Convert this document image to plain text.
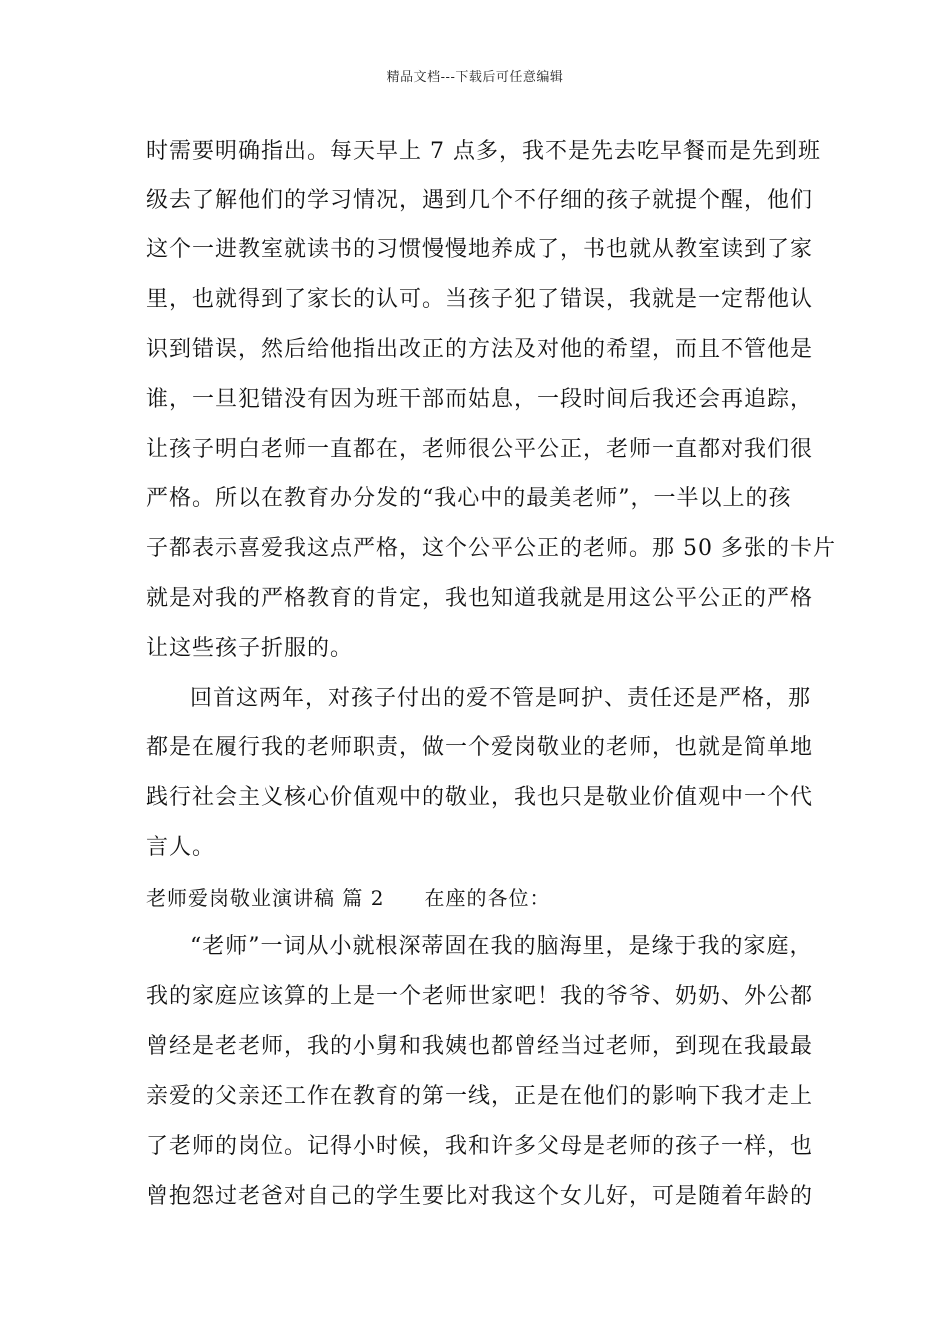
精品文档---下载后可任意编辑
时需要明确指出。每天早上 7 点多，我不是先去吃早餐而是先到班
级去了解他们的学习情况，遇到几个不仔细的孩子就提个醒，他们
这个一进教室就读书的习惯慢慢地养成了，书也就从教室读到了家
里，也就得到了家长的认可。当孩子犯了错误，我就是一定帮他认
识到错误，然后给他指出改正的方法及对他的希望，而且不管他是
谁，一旦犯错没有因为班干部而姑息，一段时间后我还会再追踪，
让孩子明白老师一直都在，老师很公平公正，老师一直都对我们很
严格。所以在教育办分发的“我心中的最美老师”，一半以上的孩
子都表示喜爱我这点严格，这个公平公正的老师。那 50 多张的卡片
就是对我的严格教育的肯定，我也知道我就是用这公平公正的严格
让这些孩子折服的。
回首这两年，对孩子付出的爱不管是呵护、责任还是严格，那
都是在履行我的老师职责，做一个爱岗敬业的老师，也就是简单地
践行社会主义核心价值观中的敬业，我也只是敬业价值观中一个代
言人。
老师爱岗敬业演讲稿 篇 2 在座的各位：
“老师”一词从小就根深蒂固在我的脑海里，是缘于我的家庭，
我的家庭应该算的上是一个老师世家吧！我的爷爷、奶奶、外公都
曾经是老老师，我的小舅和我姨也都曾经当过老师，到现在我最最
亲爱的父亲还工作在教育的第一线，正是在他们的影响下我才走上
了老师的岗位。记得小时候，我和许多父母是老师的孩子一样，也
曾抱怨过老爸对自己的学生要比对我这个女儿好，可是随着年龄的
